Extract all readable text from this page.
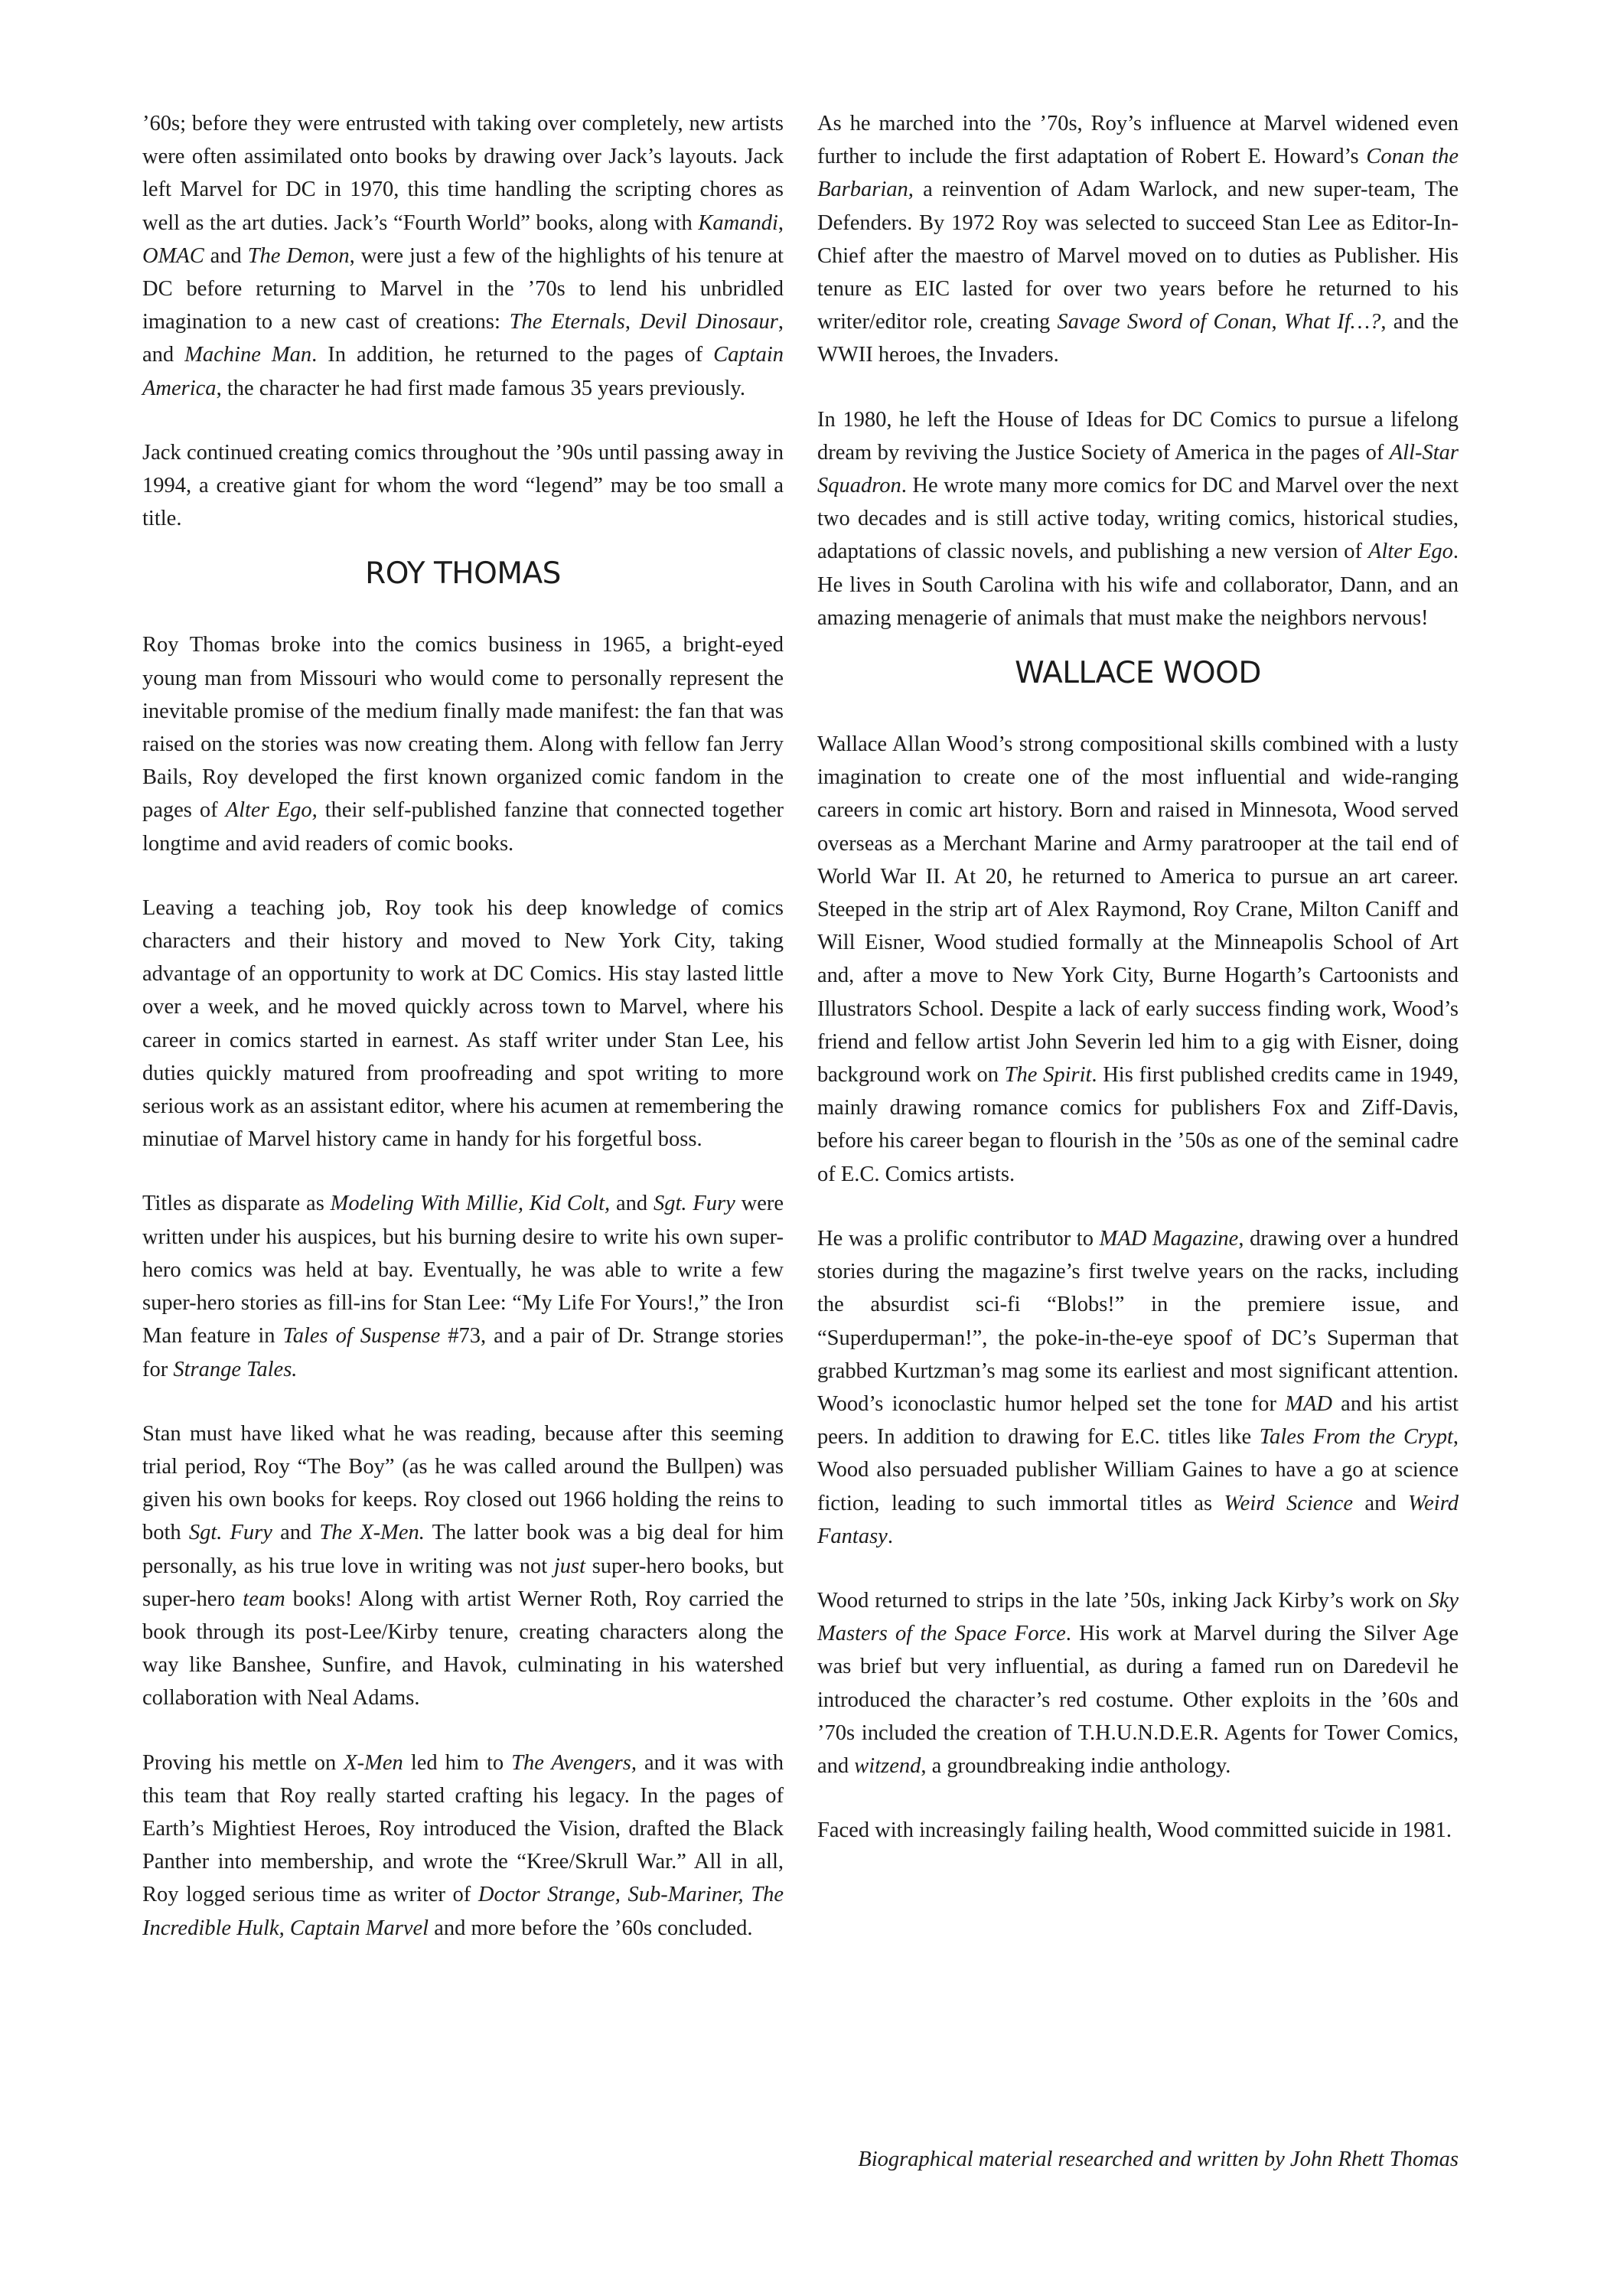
’60s; before they were entrusted with taking over completely, new artists were often assimilated onto books by drawing over Jack’s layouts. Jack left Marvel for DC in 1970, this time handling the scripting chores as well as the art duties. Jack’s “Fourth World” books, along with Kamandi, OMAC and The Demon, were just a few of the highlights of his tenure at DC before returning to Marvel in the ’70s to lend his unbridled imagination to a new cast of creations: The Eternals, Devil Dinosaur, and Machine Man. In addition, he returned to the pages of Captain America, the character he had first made famous 35 years previously.

Jack continued creating comics throughout the ’90s until passing away in 1994, a creative giant for whom the word “legend” may be too small a title.

ROY THOMAS

Roy Thomas broke into the comics business in 1965, a bright-eyed young man from Missouri who would come to personally represent the inevitable promise of the medium finally made manifest: the fan that was raised on the stories was now creating them. Along with fellow fan Jerry Bails, Roy developed the first known organized comic fandom in the pages of Alter Ego, their self-published fanzine that connected together longtime and avid readers of comic books.

Leaving a teaching job, Roy took his deep knowledge of comics characters and their history and moved to New York City, taking advantage of an opportunity to work at DC Comics. His stay lasted little over a week, and he moved quickly across town to Marvel, where his career in comics started in earnest. As staff writer under Stan Lee, his duties quickly matured from proofreading and spot writing to more serious work as an assistant editor, where his acumen at remembering the minutiae of Marvel history came in handy for his forgetful boss.

Titles as disparate as Modeling With Millie, Kid Colt, and Sgt. Fury were written under his auspices, but his burning desire to write his own super-hero comics was held at bay. Eventually, he was able to write a few super-hero stories as fill-ins for Stan Lee: “My Life For Yours!,” the Iron Man feature in Tales of Suspense #73, and a pair of Dr. Strange stories for Strange Tales.

Stan must have liked what he was reading, because after this seeming trial period, Roy “The Boy” (as he was called around the Bullpen) was given his own books for keeps. Roy closed out 1966 holding the reins to both Sgt. Fury and The X-Men. The latter book was a big deal for him personally, as his true love in writing was not just super-hero books, but super-hero team books! Along with artist Werner Roth, Roy carried the book through its post-Lee/Kirby tenure, creating characters along the way like Banshee, Sunfire, and Havok, culminating in his watershed collaboration with Neal Adams.

Proving his mettle on X-Men led him to The Avengers, and it was with this team that Roy really started crafting his legacy. In the pages of Earth’s Mightiest Heroes, Roy introduced the Vision, drafted the Black Panther into membership, and wrote the “Kree/Skrull War.” All in all, Roy logged serious time as writer of Doctor Strange, Sub-Mariner, The Incredible Hulk, Captain Marvel and more before the ’60s concluded.

As he marched into the ’70s, Roy’s influence at Marvel widened even further to include the first adaptation of Robert E. Howard’s Conan the Barbarian, a reinvention of Adam Warlock, and new super-team, The Defenders. By 1972 Roy was selected to succeed Stan Lee as Editor-In-Chief after the maestro of Marvel moved on to duties as Publisher. His tenure as EIC lasted for over two years before he returned to his writer/editor role, creating Savage Sword of Conan, What If…?, and the WWII heroes, the Invaders.

In 1980, he left the House of Ideas for DC Comics to pursue a lifelong dream by reviving the Justice Society of America in the pages of All-Star Squadron. He wrote many more comics for DC and Marvel over the next two decades and is still active today, writing comics, historical studies, adaptations of classic novels, and publishing a new version of Alter Ego. He lives in South Carolina with his wife and collaborator, Dann, and an amazing menagerie of animals that must make the neighbors nervous!

WALLACE WOOD

Wallace Allan Wood’s strong compositional skills combined with a lusty imagination to create one of the most influential and wide-ranging careers in comic art history. Born and raised in Minnesota, Wood served overseas as a Merchant Marine and Army paratrooper at the tail end of World War II. At 20, he returned to America to pursue an art career. Steeped in the strip art of Alex Raymond, Roy Crane, Milton Caniff and Will Eisner, Wood studied formally at the Minneapolis School of Art and, after a move to New York City, Burne Hogarth’s Cartoonists and Illustrators School. Despite a lack of early success finding work, Wood’s friend and fellow artist John Severin led him to a gig with Eisner, doing background work on The Spirit. His first published credits came in 1949, mainly drawing romance comics for publishers Fox and Ziff-Davis, before his career began to flourish in the ’50s as one of the seminal cadre of E.C. Comics artists.

He was a prolific contributor to MAD Magazine, drawing over a hundred stories during the magazine’s first twelve years on the racks, including the absurdist sci-fi “Blobs!” in the premiere issue, and “Superduperman!”, the poke-in-the-eye spoof of DC’s Superman that grabbed Kurtzman’s mag some its earliest and most significant attention. Wood’s iconoclastic humor helped set the tone for MAD and his artist peers. In addition to drawing for E.C. titles like Tales From the Crypt, Wood also persuaded publisher William Gaines to have a go at science fiction, leading to such immortal titles as Weird Science and Weird Fantasy.

Wood returned to strips in the late ’50s, inking Jack Kirby’s work on Sky Masters of the Space Force. His work at Marvel during the Silver Age was brief but very influential, as during a famed run on Daredevil he introduced the character’s red costume. Other exploits in the ’60s and ’70s included the creation of T.H.U.N.D.E.R. Agents for Tower Comics, and witzend, a groundbreaking indie anthology.

Faced with increasingly failing health, Wood committed suicide in 1981.

Biographical material researched and written by John Rhett Thomas
